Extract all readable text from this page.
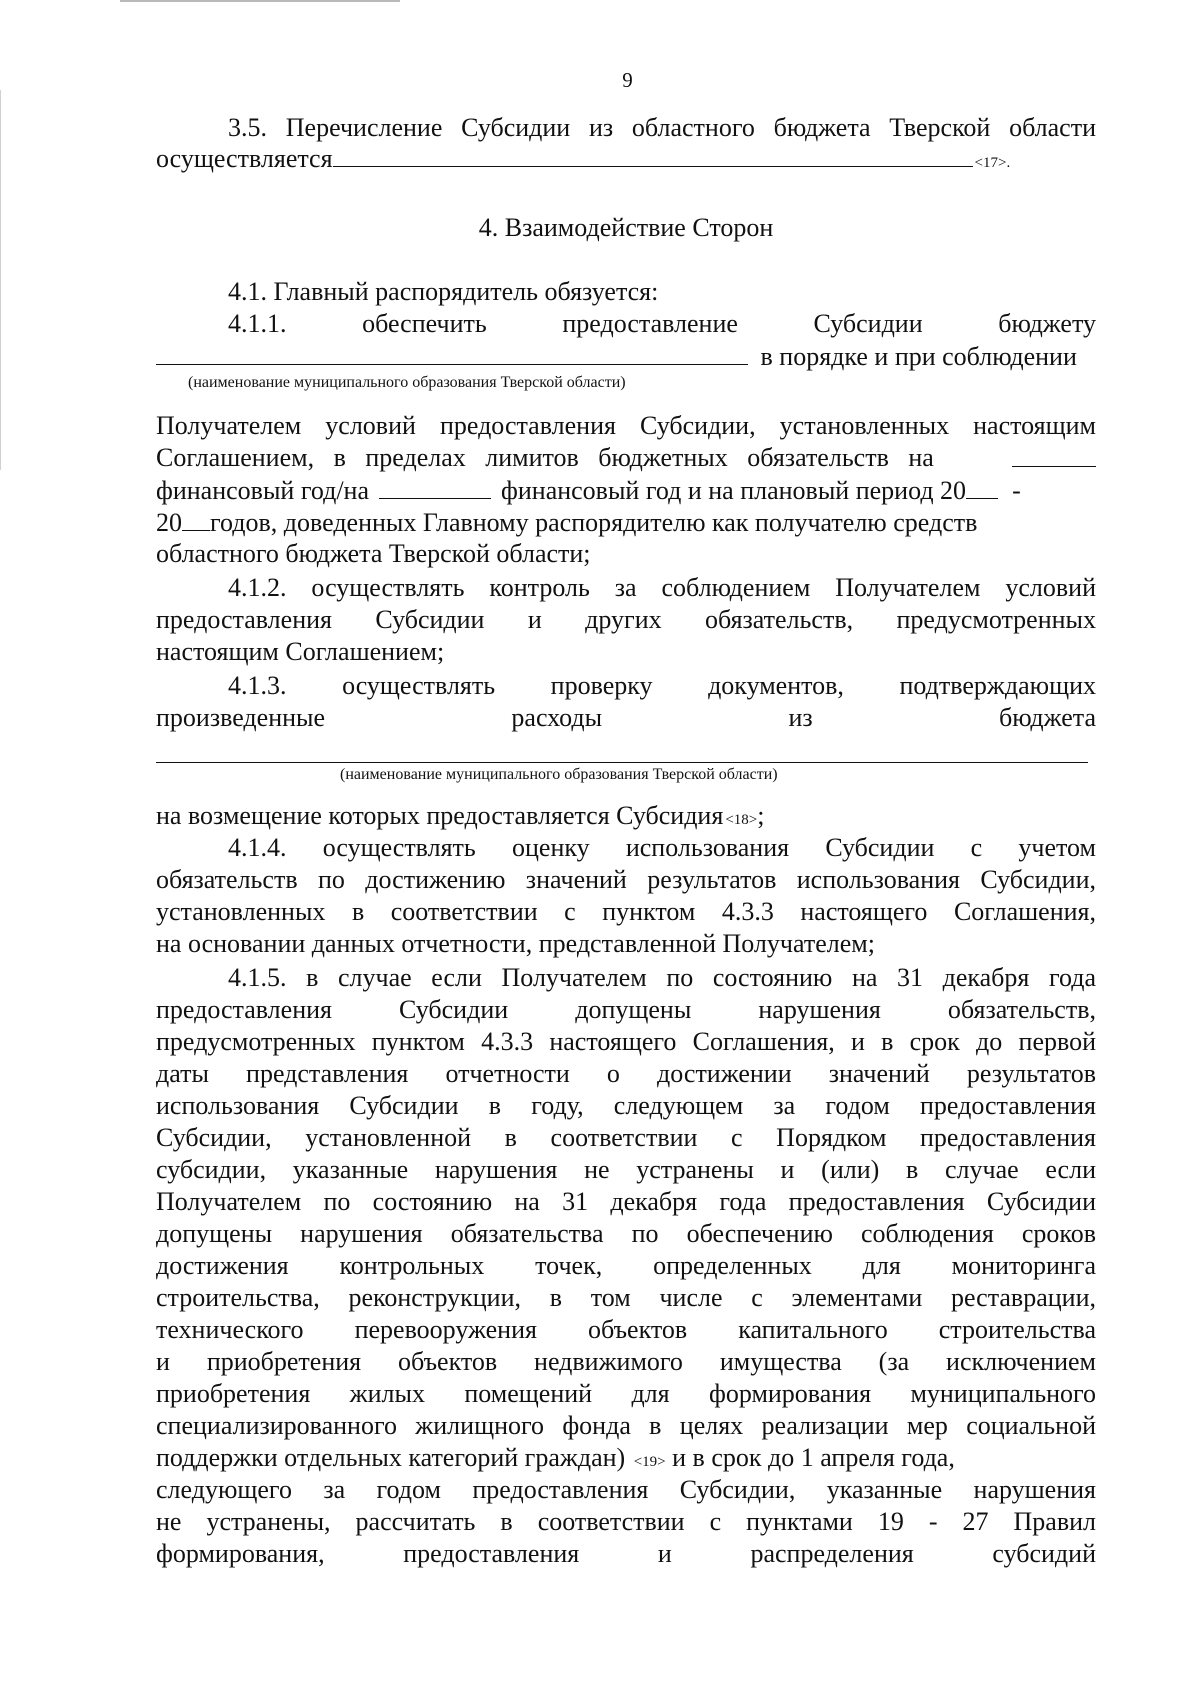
9
3.5. Перечисление Субсидии из областного бюджета Тверской области
осуществляется	<17>.
4. Взаимодействие Сторон
4.1. Главный распорядитель обязуется:
4.1.1.	обеспечить	предоставление	Субсидии	бюджету
в порядке и при соблюдении
(наименование муниципального образования Тверской области)
Получателем условий предоставления Субсидии, установленных настоящим
Соглашением, в пределах лимитов бюджетных обязательств на
финансовый год/на	финансовый год и на плановый период 20 -
20 годов, доведенных Главному распорядителю как получателю средств
областного бюджета Тверской области;
4.1.2. осуществлять контроль за соблюдением Получателем условий
предоставления Субсидии и других обязательств, предусмотренных
настоящим Соглашением;
4.1.3. осуществлять проверку документов, подтверждающих
произведенные	расходы	из	бюджета
(наименование муниципального образования Тверской области)
на возмещение которых предоставляется Субсидия <18>;
4.1.4. осуществлять оценку использования Субсидии с учетом
обязательств по достижению значений результатов использования Субсидии,
установленных в соответствии с пунктом 4.3.3 настоящего Соглашения,
на основании данных отчетности, представленной Получателем;
4.1.5. в случае если Получателем по состоянию на 31 декабря года
предоставления Субсидии допущены нарушения обязательств,
предусмотренных пунктом 4.3.3 настоящего Соглашения, и в срок до первой
даты представления отчетности о достижении значений результатов
использования Субсидии в году, следующем за годом предоставления
Субсидии, установленной в соответствии с Порядком предоставления
субсидии, указанные нарушения не устранены и (или) в случае если
Получателем по состоянию на 31 декабря года предоставления Субсидии
допущены нарушения обязательства по обеспечению соблюдения сроков
достижения контрольных точек, определенных для мониторинга
строительства, реконструкции, в том числе с элементами реставрации,
технического перевооружения объектов капитального строительства
и приобретения объектов недвижимого имущества (за исключением
приобретения жилых помещений для формирования муниципального
специализированного жилищного фонда в целях реализации мер социальной
поддержки отдельных категорий граждан) <19> и в срок до 1 апреля года,
следующего за годом предоставления Субсидии, указанные нарушения
не устранены, рассчитать в соответствии с пунктами 19 - 27 Правил
формирования,	предоставления	и	распределения	субсидий
